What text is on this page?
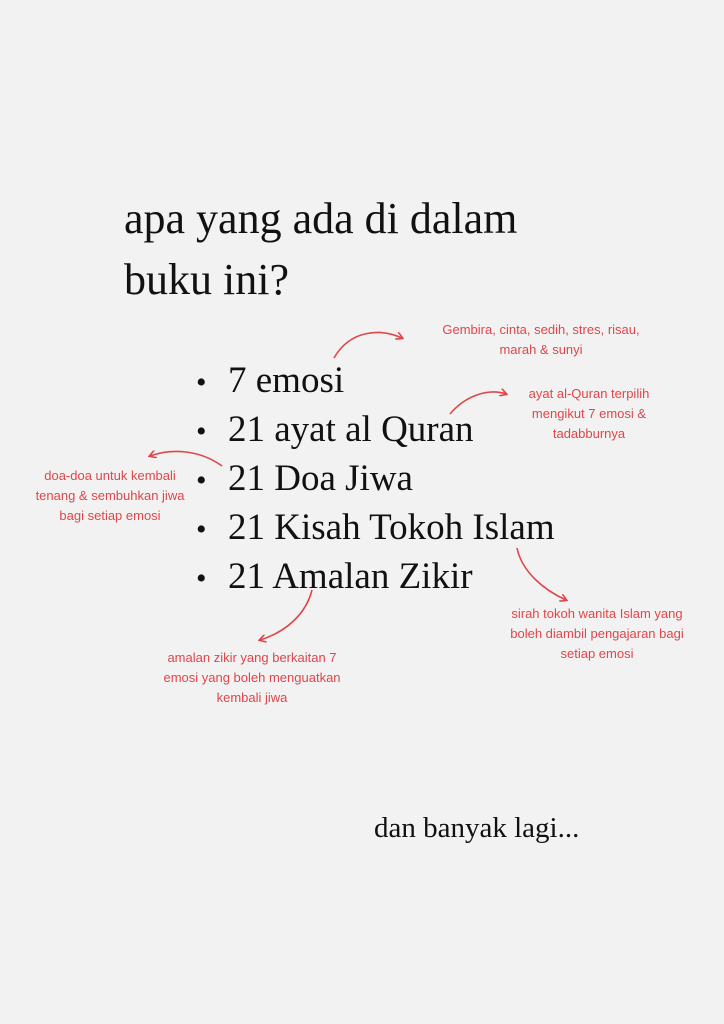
apa yang ada di dalam
buku ini?
• 7 emosi
• 21 ayat al Quran
• 21 Doa Jiwa
• 21 Kisah Tokoh Islam
• 21 Amalan Zikir
Gembira, cinta, sedih, stres, risau,
marah & sunyi
ayat al-Quran terpilih
mengikut 7 emosi &
tadabburnya
doa-doa untuk kembali
tenang & sembuhkan jiwa
bagi setiap emosi
sirah tokoh wanita Islam yang
boleh diambil pengajaran bagi
setiap emosi
amalan zikir yang berkaitan 7
emosi yang boleh menguatkan
kembali jiwa
dan banyak lagi...
